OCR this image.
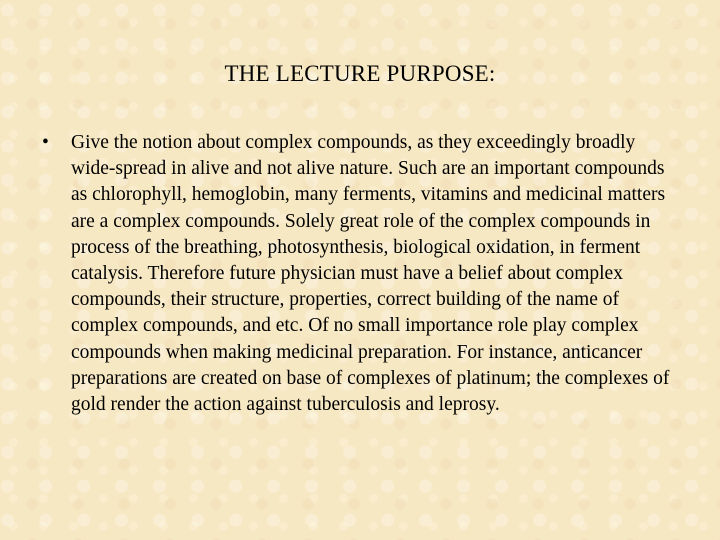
THE LECTURE PURPOSE:
• Give the notion about complex compounds, as they exceedingly broadly wide-spread in alive and not alive nature. Such are an important compounds as chlorophyll, hemoglobin, many ferments, vitamins and medicinal matters are a complex compounds. Solely great role of the complex compounds in process of the breathing, photosynthesis, biological oxidation, in ferment catalysis. Therefore future physician must have a belief about complex compounds, their structure, properties, correct building of the name of complex compounds, and etc. Of no small importance role play complex compounds when making medicinal preparation. For instance, anticancer preparations are created on base of complexes of platinum; the complexes of gold render the action against tuberculosis and leprosy.
